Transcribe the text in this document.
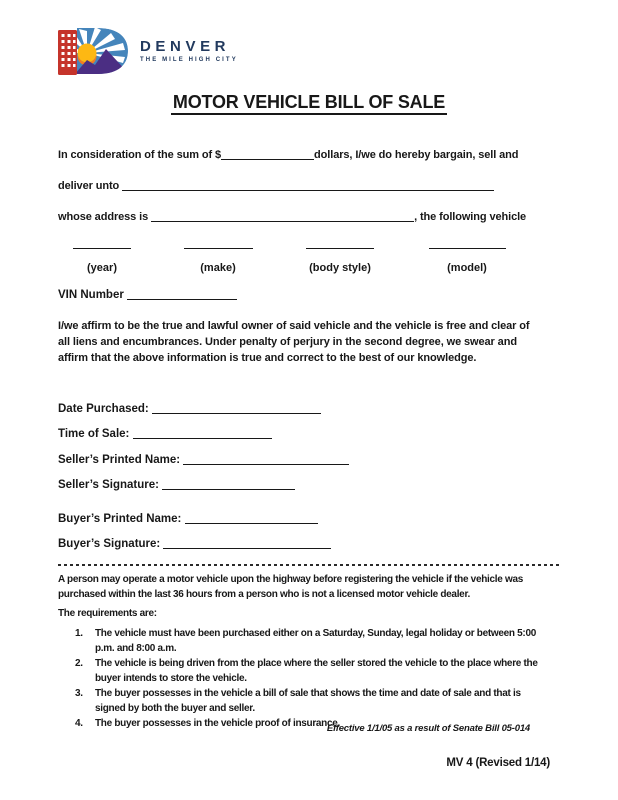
DENVER
THE MILE HIGH CITY
MOTOR VEHICLE BILL OF SALE
In consideration of the sum of $	dollars, I/we do hereby bargain, sell and
deliver unto
whose address is	, the following vehicle
(year)	(make)	(body style)	(model)
VIN Number
I/we affirm to be the true and lawful owner of said vehicle and the vehicle is free and clear of all liens and encumbrances. Under penalty of perjury in the second degree, we swear and affirm that the above information is true and correct to the best of our knowledge.
Date Purchased:
Time of Sale:
Seller’s Printed Name:
Seller’s Signature:
Buyer’s Printed Name:
Buyer’s Signature:
A person may operate a motor vehicle upon the highway before registering the vehicle if the vehicle was purchased within the last 36 hours from a person who is not a licensed motor vehicle dealer.
The requirements are:
1.	The vehicle must have been purchased either on a Saturday, Sunday, legal holiday or between 5:00 p.m. and 8:00 a.m.
2.	The vehicle is being driven from the place where the seller stored the vehicle to the place where the buyer intends to store the vehicle.
3.	The buyer possesses in the vehicle a bill of sale that shows the time and date of sale and that is signed by both the buyer and seller.
4.	The buyer possesses in the vehicle proof of insurance.
Effective 1/1/05 as a result of Senate Bill 05-014
MV 4 (Revised 1/14)
